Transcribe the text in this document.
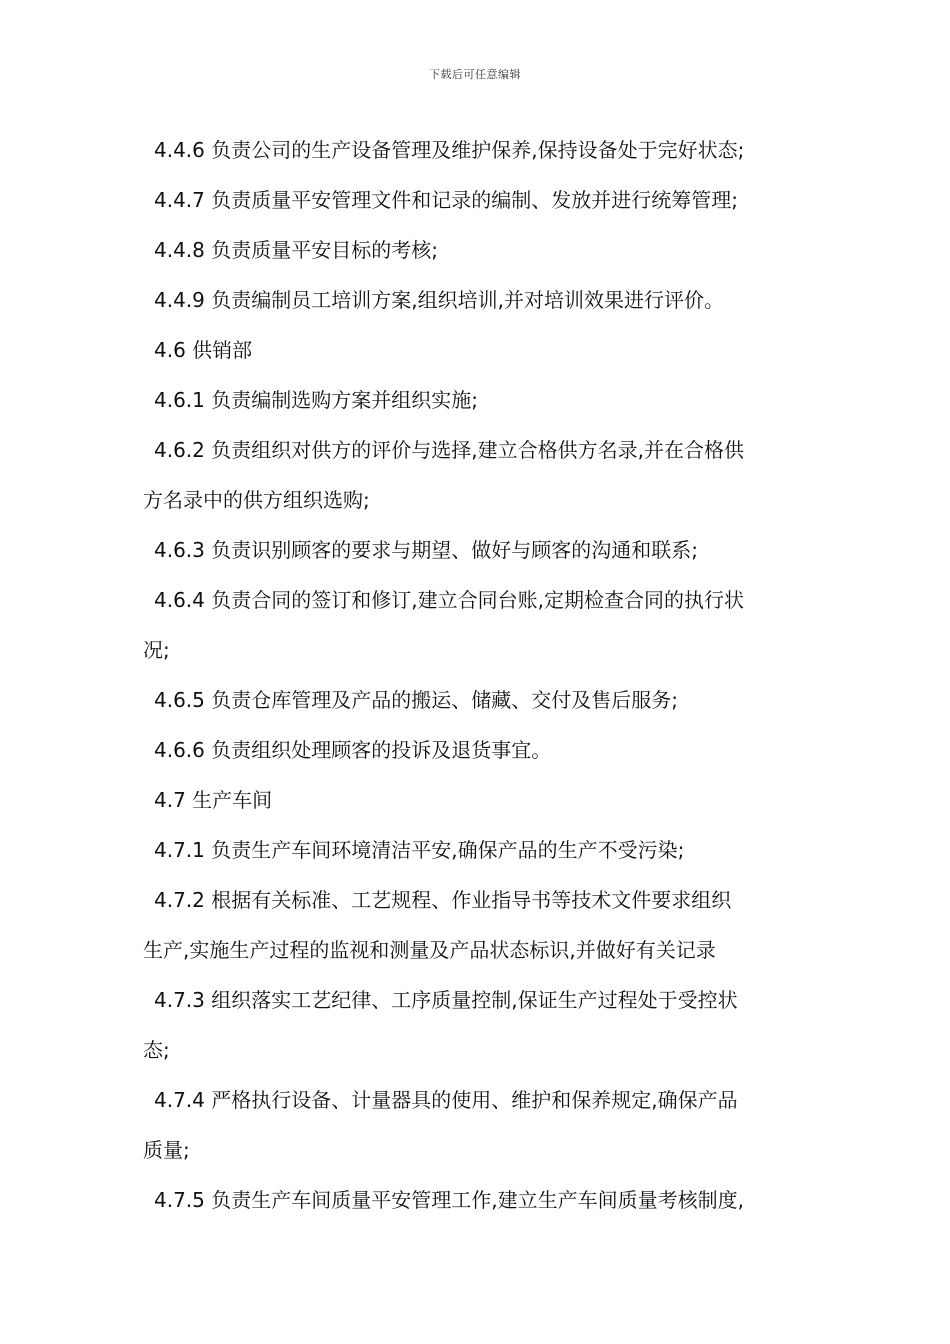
下载后可任意编辑
4.4.6 负责公司的生产设备管理及维护保养,保持设备处于完好状态;
4.4.7 负责质量平安管理文件和记录的编制、发放并进行统筹管理;
4.4.8 负责质量平安目标的考核;
4.4.9 负责编制员工培训方案,组织培训,并对培训效果进行评价。
4.6 供销部
4.6.1 负责编制选购方案并组织实施;
4.6.2 负责组织对供方的评价与选择,建立合格供方名录,并在合格供
方名录中的供方组织选购;
4.6.3 负责识别顾客的要求与期望、做好与顾客的沟通和联系;
4.6.4 负责合同的签订和修订,建立合同台账,定期检查合同的执行状
况;
4.6.5 负责仓库管理及产品的搬运、储藏、交付及售后服务;
4.6.6 负责组织处理顾客的投诉及退货事宜。
4.7 生产车间
4.7.1 负责生产车间环境清洁平安,确保产品的生产不受污染;
4.7.2 根据有关标准、工艺规程、作业指导书等技术文件要求组织
生产,实施生产过程的监视和测量及产品状态标识,并做好有关记录
4.7.3 组织落实工艺纪律、工序质量控制,保证生产过程处于受控状
态;
4.7.4 严格执行设备、计量器具的使用、维护和保养规定,确保产品
质量;
4.7.5 负责生产车间质量平安管理工作,建立生产车间质量考核制度,
